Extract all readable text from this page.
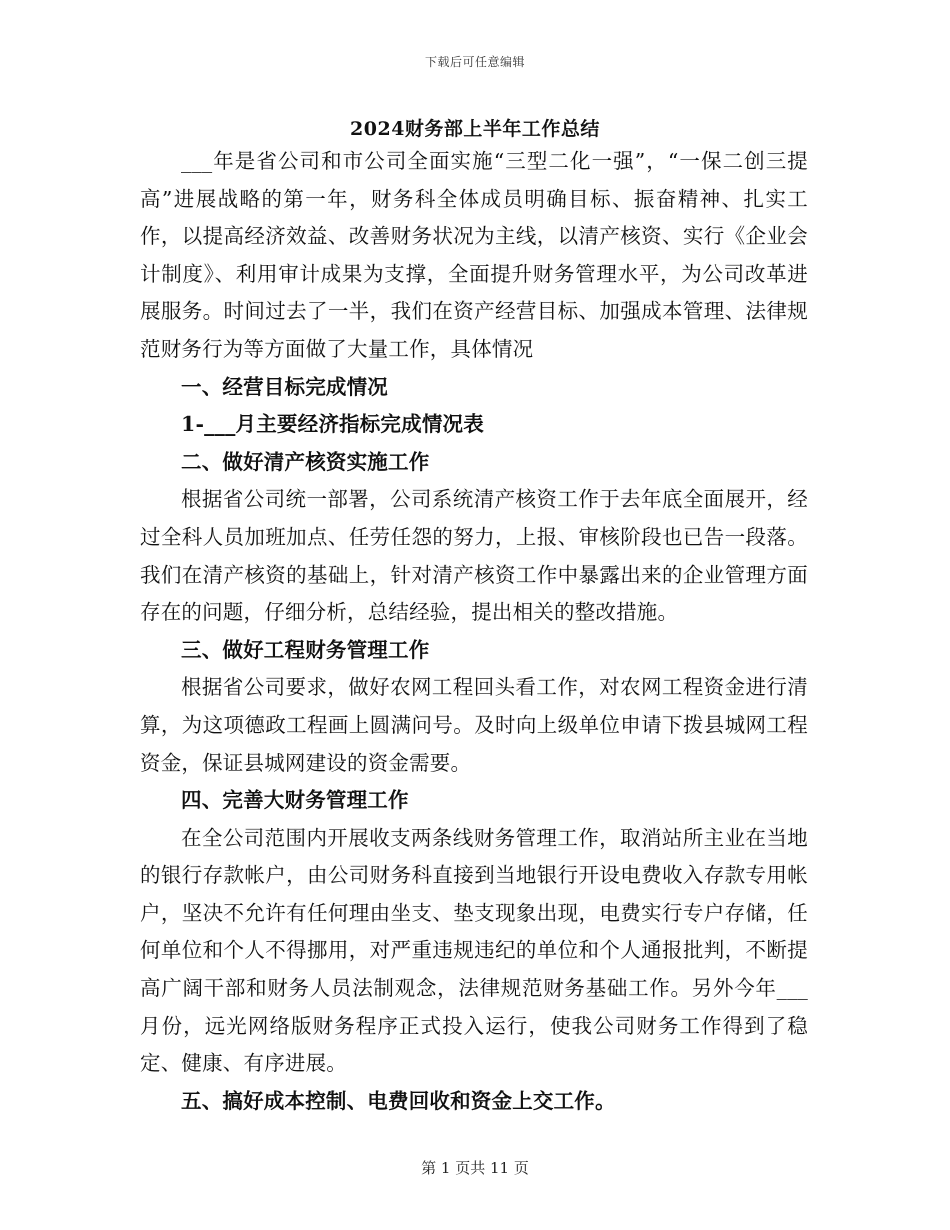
下载后可任意编辑
2024财务部上半年工作总结

___年是省公司和市公司全面实施“三型二化一强”，“一保二创三提高”进展战略的第一年，财务科全体成员明确目标、振奋精神、扎实工作，以提高经济效益、改善财务状况为主线，以清产核资、实行《企业会计制度》、利用审计成果为支撑，全面提升财务管理水平，为公司改革进展服务。时间过去了一半，我们在资产经营目标、加强成本管理、法律规范财务行为等方面做了大量工作，具体情况

一、经营目标完成情况

1-___月主要经济指标完成情况表

二、做好清产核资实施工作

根据省公司统一部署，公司系统清产核资工作于去年底全面展开，经过全科人员加班加点、任劳任怨的努力，上报、审核阶段也已告一段落。我们在清产核资的基础上，针对清产核资工作中暴露出来的企业管理方面存在的问题，仔细分析，总结经验，提出相关的整改措施。

三、做好工程财务管理工作

根据省公司要求，做好农网工程回头看工作，对农网工程资金进行清算，为这项德政工程画上圆满问号。及时向上级单位申请下拨县城网工程资金，保证县城网建设的资金需要。

四、完善大财务管理工作

在全公司范围内开展收支两条线财务管理工作，取消站所主业在当地的银行存款帐户，由公司财务科直接到当地银行开设电费收入存款专用帐户，坚决不允许有任何理由坐支、垫支现象出现，电费实行专户存储，任何单位和个人不得挪用，对严重违规违纪的单位和个人通报批判，不断提高广阔干部和财务人员法制观念，法律规范财务基础工作。另外今年___月份，远光网络版财务程序正式投入运行，使我公司财务工作得到了稳定、健康、有序进展。

五、搞好成本控制、电费回收和资金上交工作。

第 1 页共 11 页
